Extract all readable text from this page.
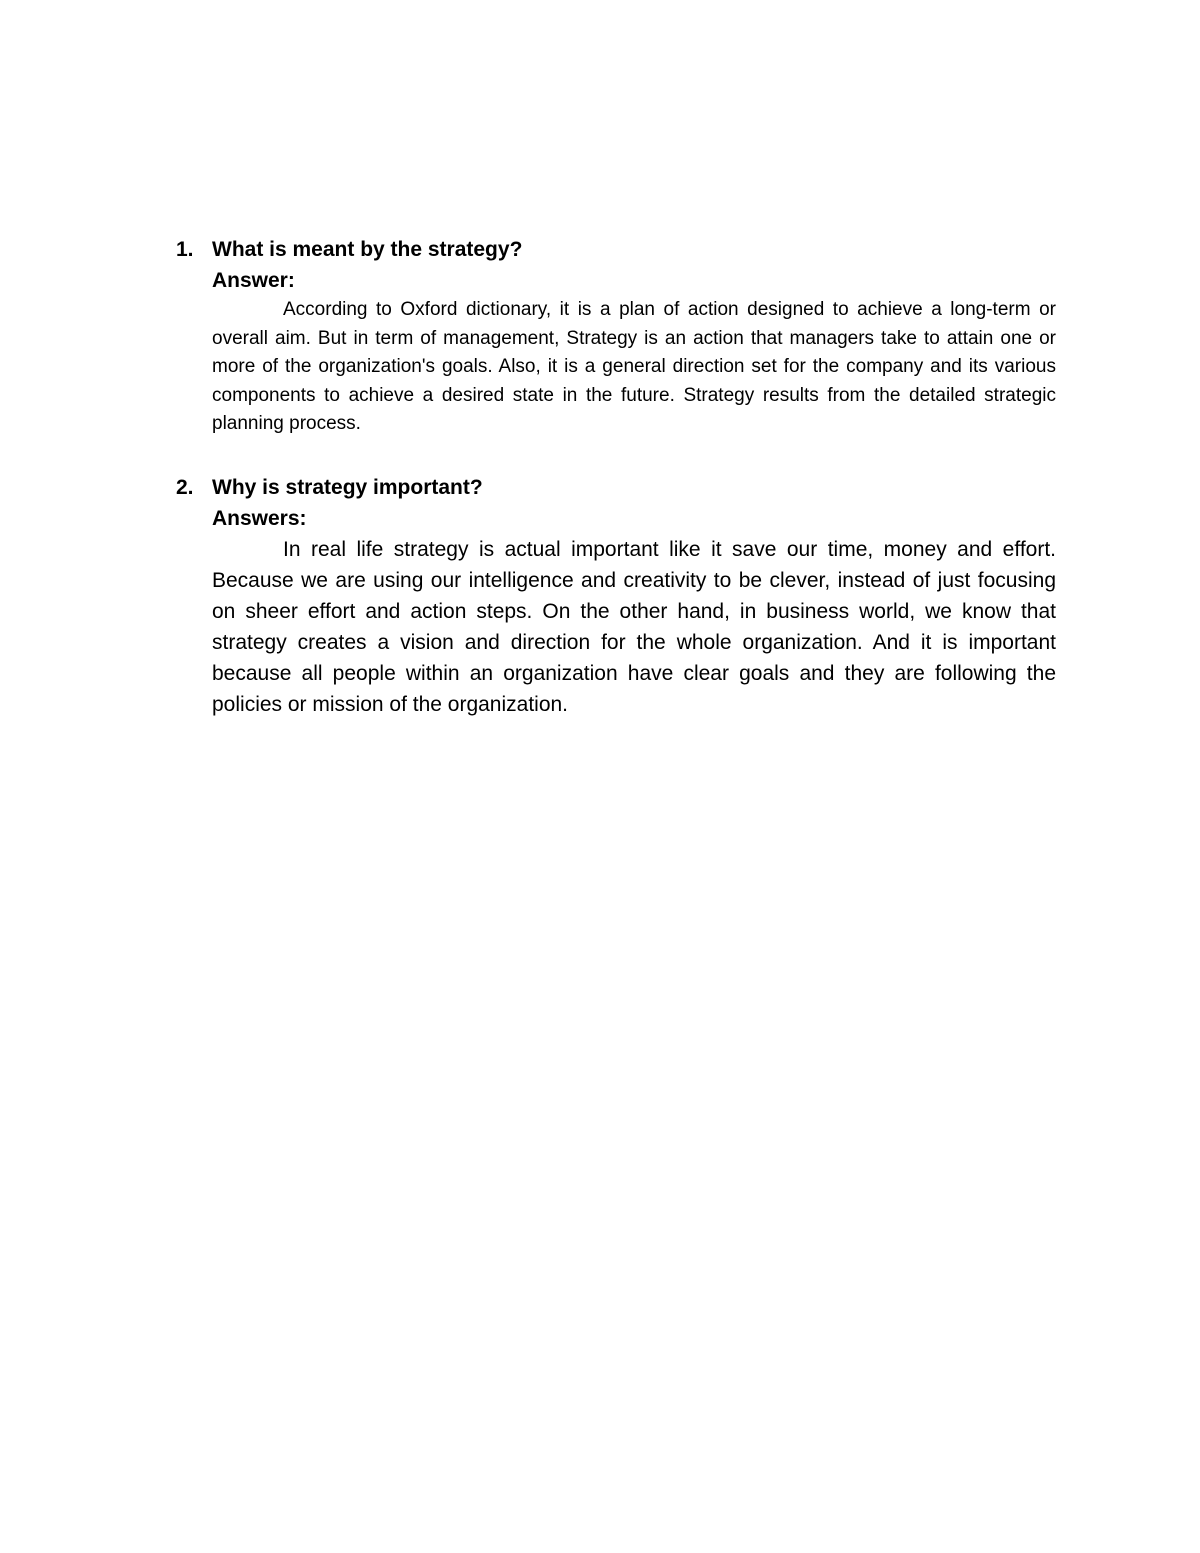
1. What is meant by the strategy?
Answer:
According to Oxford dictionary, it is a plan of action designed to achieve a long-term or overall aim. But in term of management, Strategy is an action that managers take to attain one or more of the organization's goals. Also, it is a general direction set for the company and its various components to achieve a desired state in the future. Strategy results from the detailed strategic planning process.
2. Why is strategy important?
Answers:
In real life strategy is actual important like it save our time, money and effort. Because we are using our intelligence and creativity to be clever, instead of just focusing on sheer effort and action steps. On the other hand, in business world, we know that strategy creates a vision and direction for the whole organization. And it is important because all people within an organization have clear goals and they are following the policies or mission of the organization.
